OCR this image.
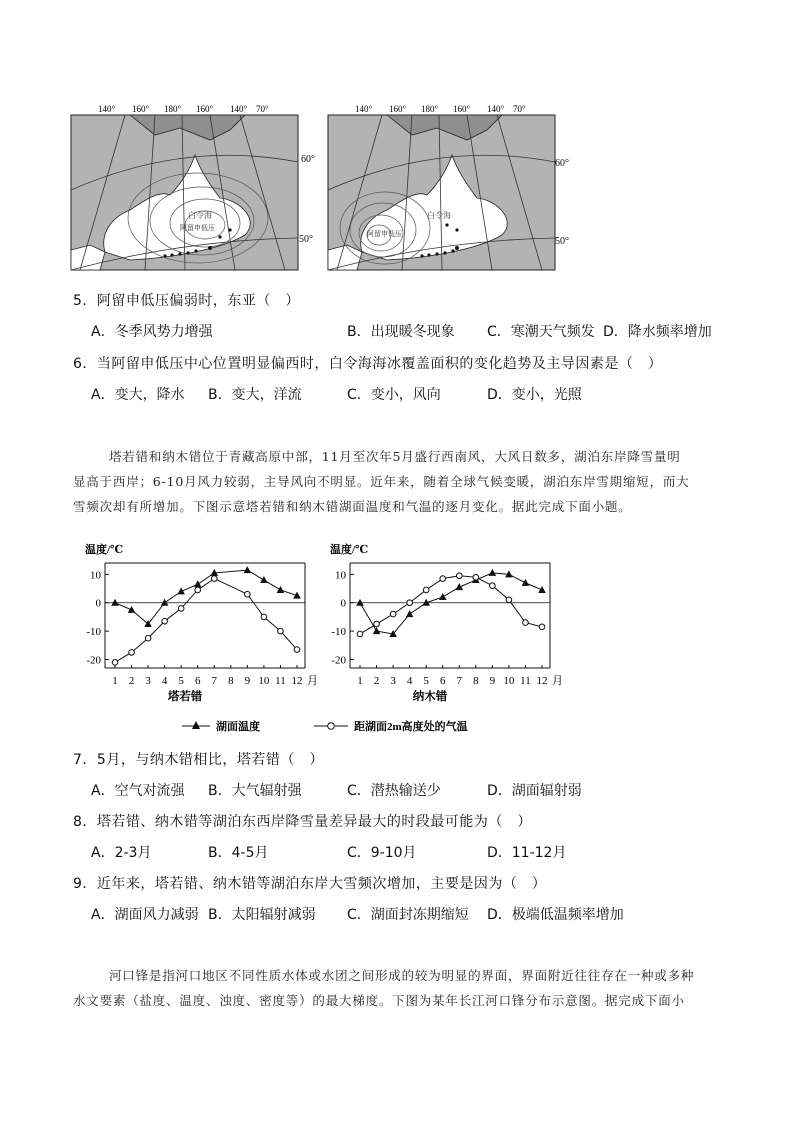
阿留申低压
白令海
140° 160° 180° 160° 140° 70°
60°
50°	阿留申低压
白令海
140° 160° 180° 160° 140° 70°
60°
50°
5．阿留申低压偏弱时，东亚（　）
A．冬季风势力增强	B．出现暖冬现象 C．寒潮天气频发 D．降水频率增加
6．当阿留申低压中心位置明显偏西时，白令海海冰覆盖面积的变化趋势及主导因素是（　）
A．变大，降水 B．变大，洋流	C．变小，风向	D．变小，光照
塔若错和纳木错位于青藏高原中部，11月至次年5月盛行西南风，大风日数多，湖泊东岸降雪量明
显高于西岸；6-10月风力较弱，主导风向不明显。近年来，随着全球气候变暖，湖泊东岸雪期缩短，而大
雪频次却有所增加。下图示意塔若错和纳木错湖面温度和气温的逐月变化。据此完成下面小题。
10
0
-10
-20
1 2 3 4 5 6 7 8 9 10 11 12 月
温度/℃
塔若错
10
0
-10
-20
1 2 3 4 5 6 7 8 9 10 11 12 月
温度/℃
纳木错
湖面温度	距湖面2m高度处的气温
7．5月，与纳木错相比，塔若错（　）
A．空气对流强 B．大气辐射强	C．潜热输送少	D．湖面辐射弱
8．塔若错、纳木错等湖泊东西岸降雪量差异最大的时段最可能为（　）
A．2-3月	B．4-5月	C．9-10月	D．11-12月
9．近年来，塔若错、纳木错等湖泊东岸大雪频次增加，主要是因为（　）
A．湖面风力减弱 B．太阳辐射减弱 C．湖面封冻期缩短 D．极端低温频率增加
河口锋是指河口地区不同性质水体或水团之间形成的较为明显的界面，界面附近往往存在一种或多种
水文要素（盐度、温度、浊度、密度等）的最大梯度。下图为某年长江河口锋分布示意图。据完成下面小
